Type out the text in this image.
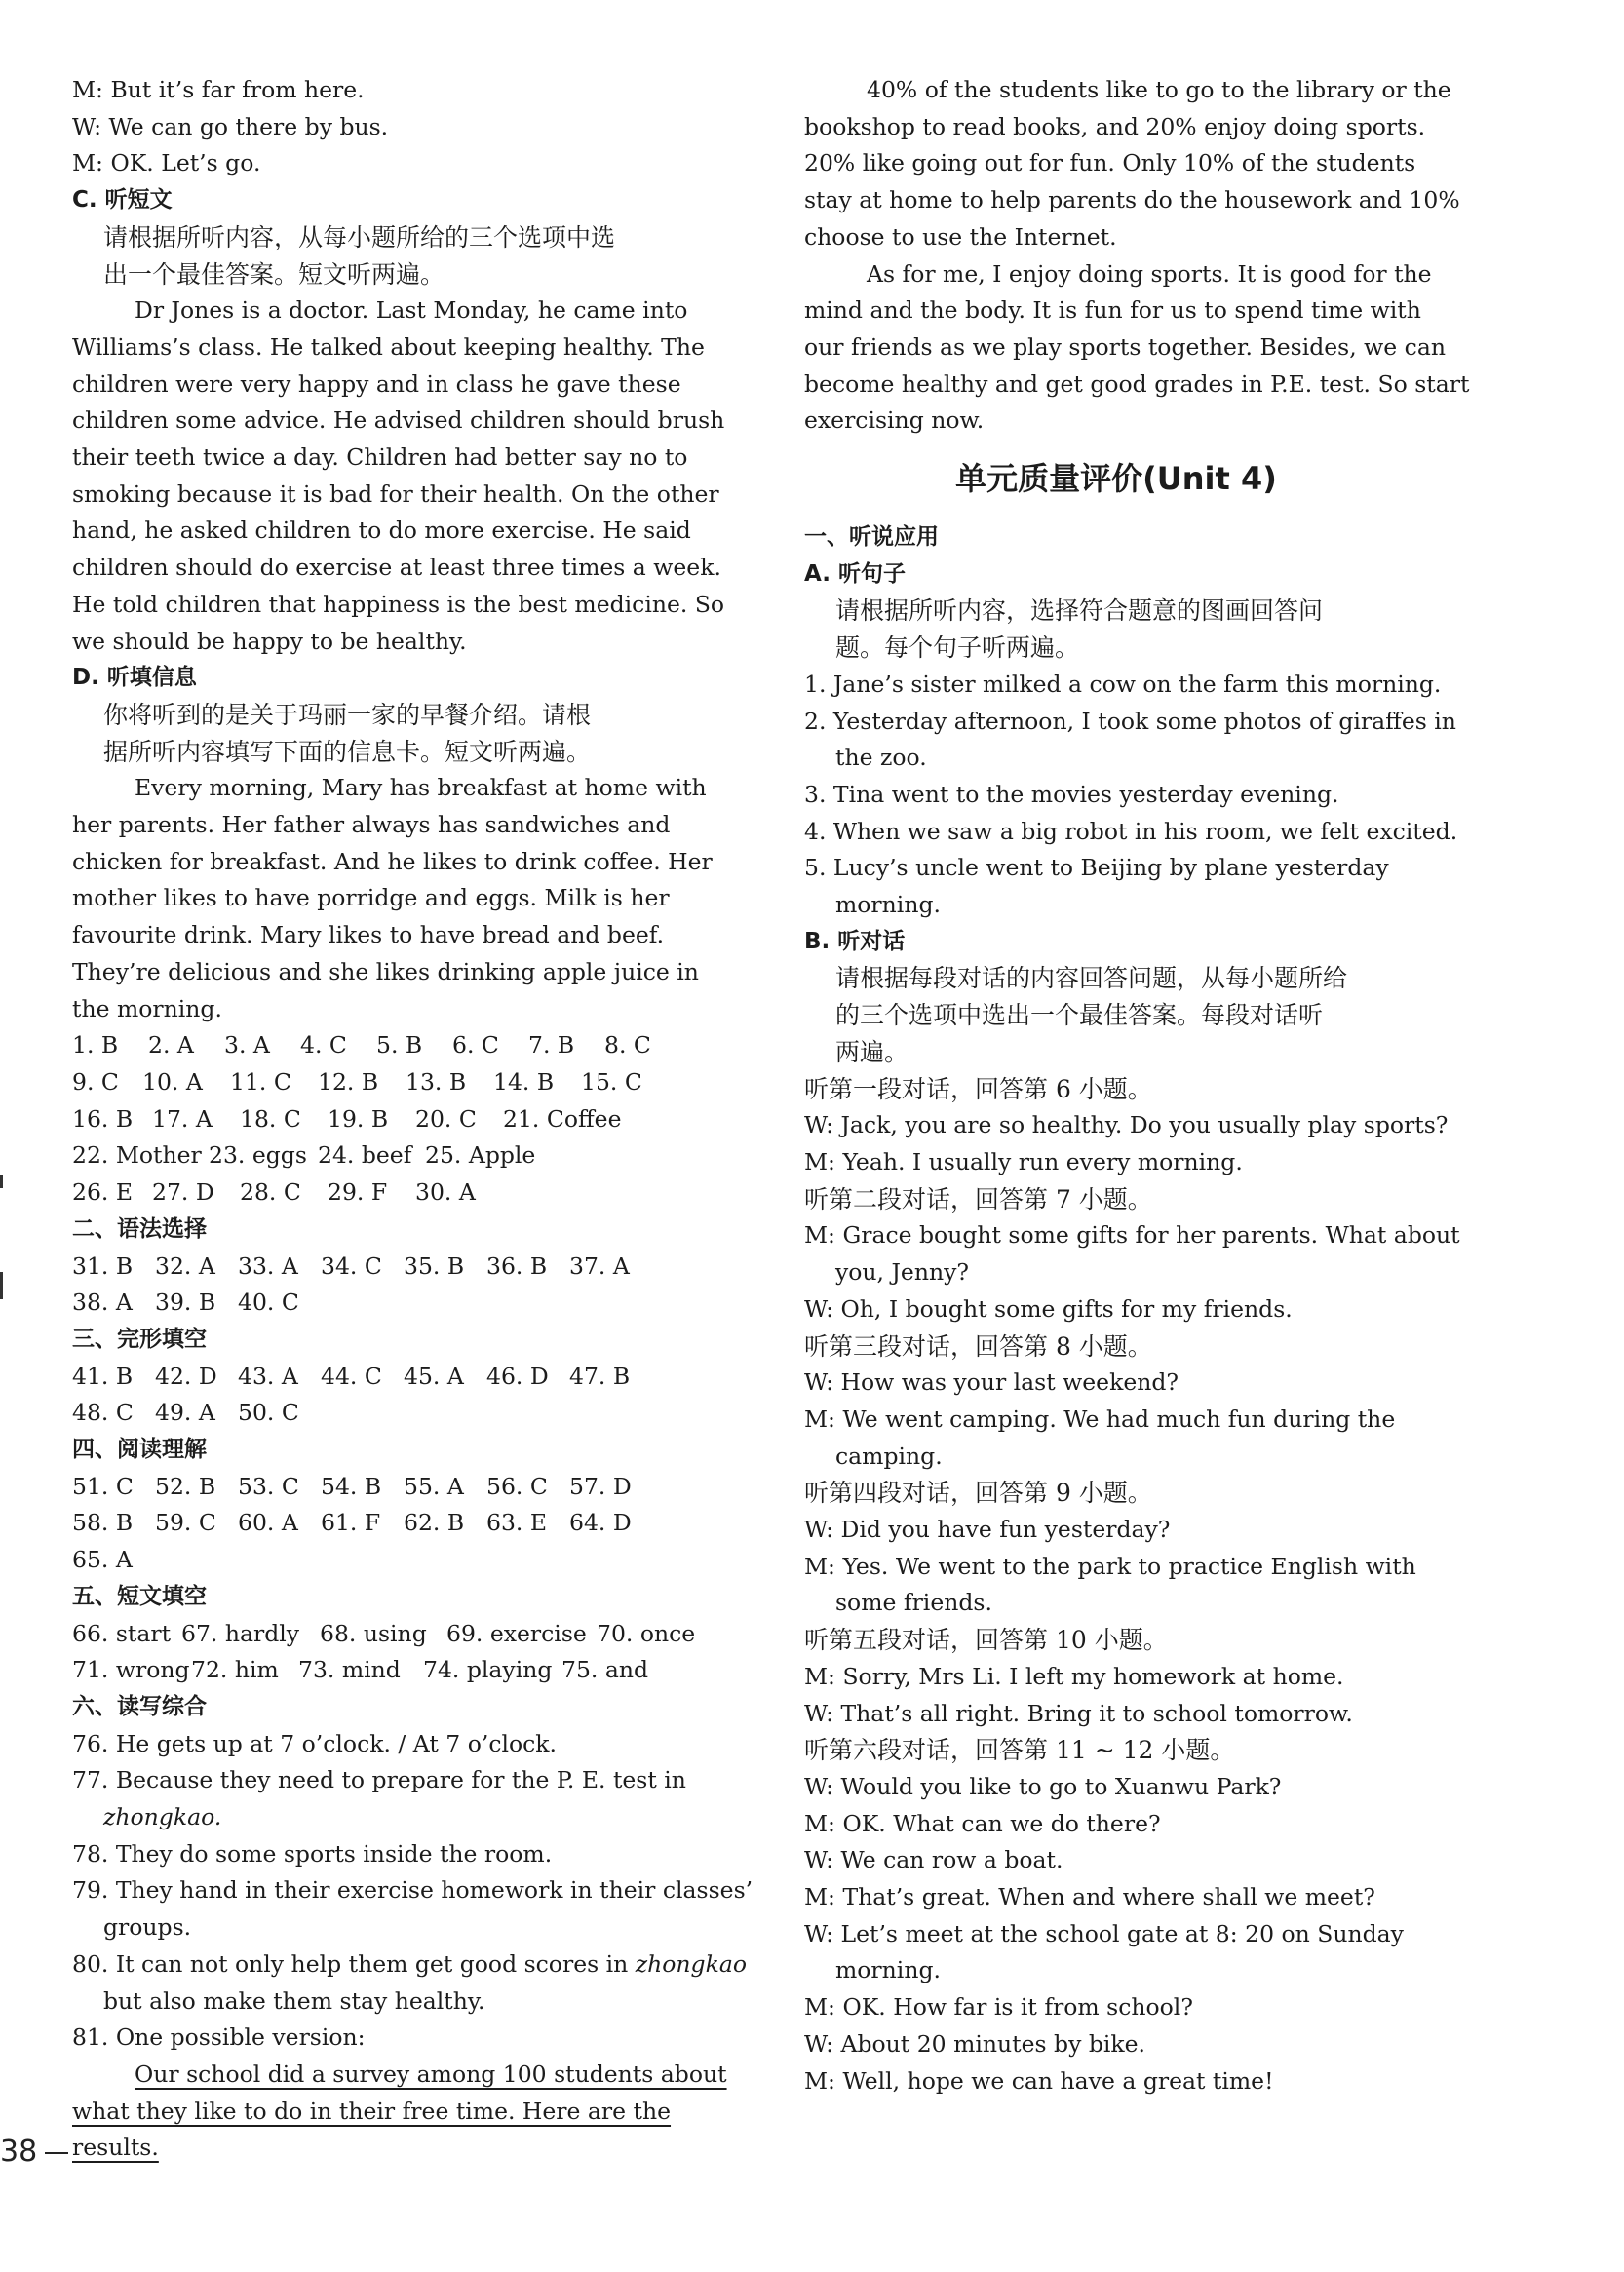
M: But it’s far from here.
W: We can go there by bus.
M: OK. Let’s go.
C. 听短文
请根据所听内容，从每小题所给的三个选项中选
出一个最佳答案。短文听两遍。
Dr Jones is a doctor. Last Monday, he came into
Williams’s class. He talked about keeping healthy. The
children were very happy and in class he gave these
children some advice. He advised children should brush
their teeth twice a day. Children had better say no to
smoking because it is bad for their health. On the other
hand, he asked children to do more exercise. He said
children should do exercise at least three times a week.
He told children that happiness is the best medicine. So
we should be happy to be healthy.
D. 听填信息
你将听到的是关于玛丽一家的早餐介绍。请根
据所听内容填写下面的信息卡。短文听两遍。
Every morning, Mary has breakfast at home with
her parents. Her father always has sandwiches and
chicken for breakfast. And he likes to drink coffee. Her
mother likes to have porridge and eggs. Milk is her
favourite drink. Mary likes to have bread and beef.
They’re delicious and she likes drinking apple juice in
the morning.
1. B 2. A 3. A 4. C 5. B 6. C 7. B 8. C
9. C 10. A 11. C 12. B 13. B 14. B 15. C
16. B 17. A 18. C 19. B 20. C 21. Coffee
22. Mother 23. eggs 24. beef 25. Apple
26. E 27. D 28. C 29. F 30. A
二、语法选择
31. B 32. A 33. A 34. C 35. B 36. B 37. A
38. A 39. B 40. C
三、完形填空
41. B 42. D 43. A 44. C 45. A 46. D 47. B
48. C 49. A 50. C
四、阅读理解
51. C 52. B 53. C 54. B 55. A 56. C 57. D
58. B 59. C 60. A 61. F 62. B 63. E 64. D
65. A
五、短文填空
66. start 67. hardly 68. using 69. exercise 70. once
71. wrong72. him 73. mind 74. playing 75. and
六、读写综合
76. He gets up at 7 o’clock. / At 7 o’clock.
77. Because they need to prepare for the P. E. test in
zhongkao.
78. They do some sports inside the room.
79. They hand in their exercise homework in their classes’
groups.
80. It can not only help them get good scores in zhongkao
but also make them stay healthy.
81. One possible version:
Our school did a survey among 100 students about
what they like to do in their free time. Here are the
results.
38
40% of the students like to go to the library or the
bookshop to read books, and 20% enjoy doing sports.
20% like going out for fun. Only 10% of the students
stay at home to help parents do the housework and 10%
choose to use the Internet.
As for me, I enjoy doing sports. It is good for the
mind and the body. It is fun for us to spend time with
our friends as we play sports together. Besides, we can
become healthy and get good grades in P.E. test. So start
exercising now.
单元质量评价(Unit 4)
一、听说应用
A. 听句子
请根据所听内容，选择符合题意的图画回答问
题。每个句子听两遍。
1. Jane’s sister milked a cow on the farm this morning.
2. Yesterday afternoon, I took some photos of giraffes in
the zoo.
3. Tina went to the movies yesterday evening.
4. When we saw a big robot in his room, we felt excited.
5. Lucy’s uncle went to Beijing by plane yesterday
morning.
B. 听对话
请根据每段对话的内容回答问题，从每小题所给
的三个选项中选出一个最佳答案。每段对话听
两遍。
听第一段对话，回答第 6 小题。
W: Jack, you are so healthy. Do you usually play sports?
M: Yeah. I usually run every morning.
听第二段对话，回答第 7 小题。
M: Grace bought some gifts for her parents. What about
you, Jenny?
W: Oh, I bought some gifts for my friends.
听第三段对话，回答第 8 小题。
W: How was your last weekend?
M: We went camping. We had much fun during the
camping.
听第四段对话，回答第 9 小题。
W: Did you have fun yesterday?
M: Yes. We went to the park to practice English with
some friends.
听第五段对话，回答第 10 小题。
M: Sorry, Mrs Li. I left my homework at home.
W: That’s all right. Bring it to school tomorrow.
听第六段对话，回答第 11 ~ 12 小题。
W: Would you like to go to Xuanwu Park?
M: OK. What can we do there?
W: We can row a boat.
M: That’s great. When and where shall we meet?
W: Let’s meet at the school gate at 8: 20 on Sunday
morning.
M: OK. How far is it from school?
W: About 20 minutes by bike.
M: Well, hope we can have a great time!
